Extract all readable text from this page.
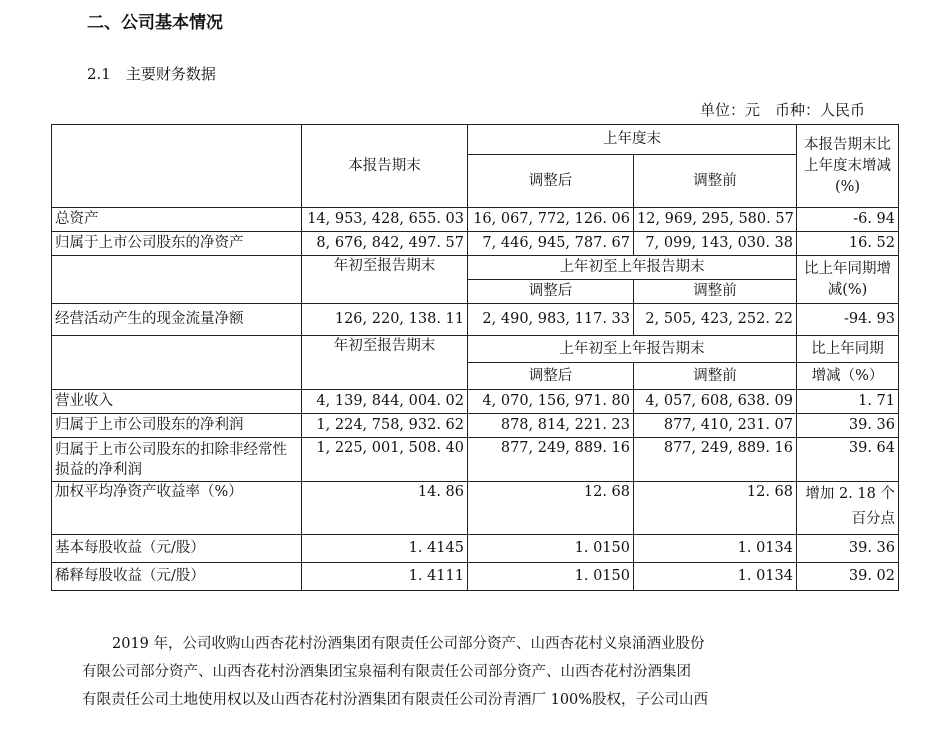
二、公司基本情况
2.1　主要财务数据
单位：元　币种：人民币
	本报告期末	上年度末		本报告期末比上年度末增减(%)
		调整后	调整前	
总资产	14, 953, 428, 655. 03	16, 067, 772, 126. 06	12, 969, 295, 580. 57	-6. 94
归属于上市公司股东的净资产	8, 676, 842, 497. 57	7, 446, 945, 787. 67	7, 099, 143, 030. 38	16. 52
	年初至报告期末	上年初至上年报告期末		比上年同期增减(%)
		调整后	调整前	
经营活动产生的现金流量净额	126, 220, 138. 11	2, 490, 983, 117. 33	2, 505, 423, 252. 22	-94. 93
	年初至报告期末	上年初至上年报告期末		比上年同期
		调整后	调整前	增减（%）
营业收入	4, 139, 844, 004. 02	4, 070, 156, 971. 80	4, 057, 608, 638. 09	1. 71
归属于上市公司股东的净利润	1, 224, 758, 932. 62	878, 814, 221. 23	877, 410, 231. 07	39. 36
归属于上市公司股东的扣除非经常性损益的净利润	1, 225, 001, 508. 40	877, 249, 889. 16	877, 249, 889. 16	39. 64
加权平均净资产收益率（%）	14. 86	12. 68	12. 68	增加 2. 18 个百分点
基本每股收益（元/股）	1. 4145	1. 0150	1. 0134	39. 36
稀释每股收益（元/股）	1. 4111	1. 0150	1. 0134	39. 02
2019 年，公司收购山西杏花村汾酒集团有限责任公司部分资产、山西杏花村义泉涌酒业股份
有限公司部分资产、山西杏花村汾酒集团宝泉福利有限责任公司部分资产、山西杏花村汾酒集团
有限责任公司土地使用权以及山西杏花村汾酒集团有限责任公司汾青酒厂 100%股权，子公司山西
